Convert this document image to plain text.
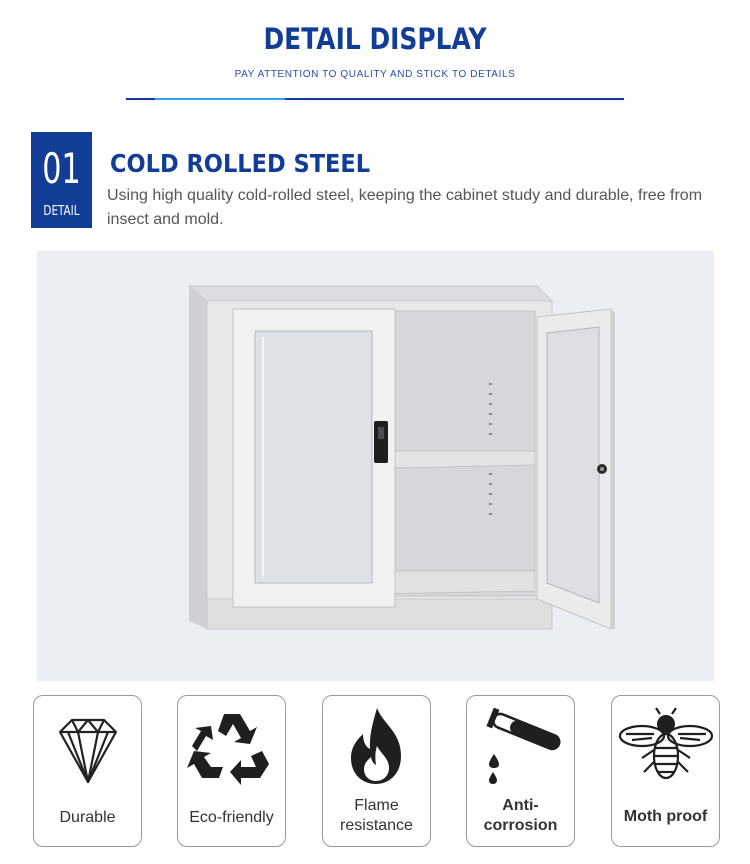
DETAIL DISPLAY
PAY ATTENTION TO QUALITY AND STICK TO DETAILS
01
DETAIL
COLD ROLLED STEEL
Using high quality cold-rolled steel, keeping the cabinet study and durable, free from insect and mold.
Durable	Eco-friendly
Flame
resistance
Anti-
corrosion
Moth proof
